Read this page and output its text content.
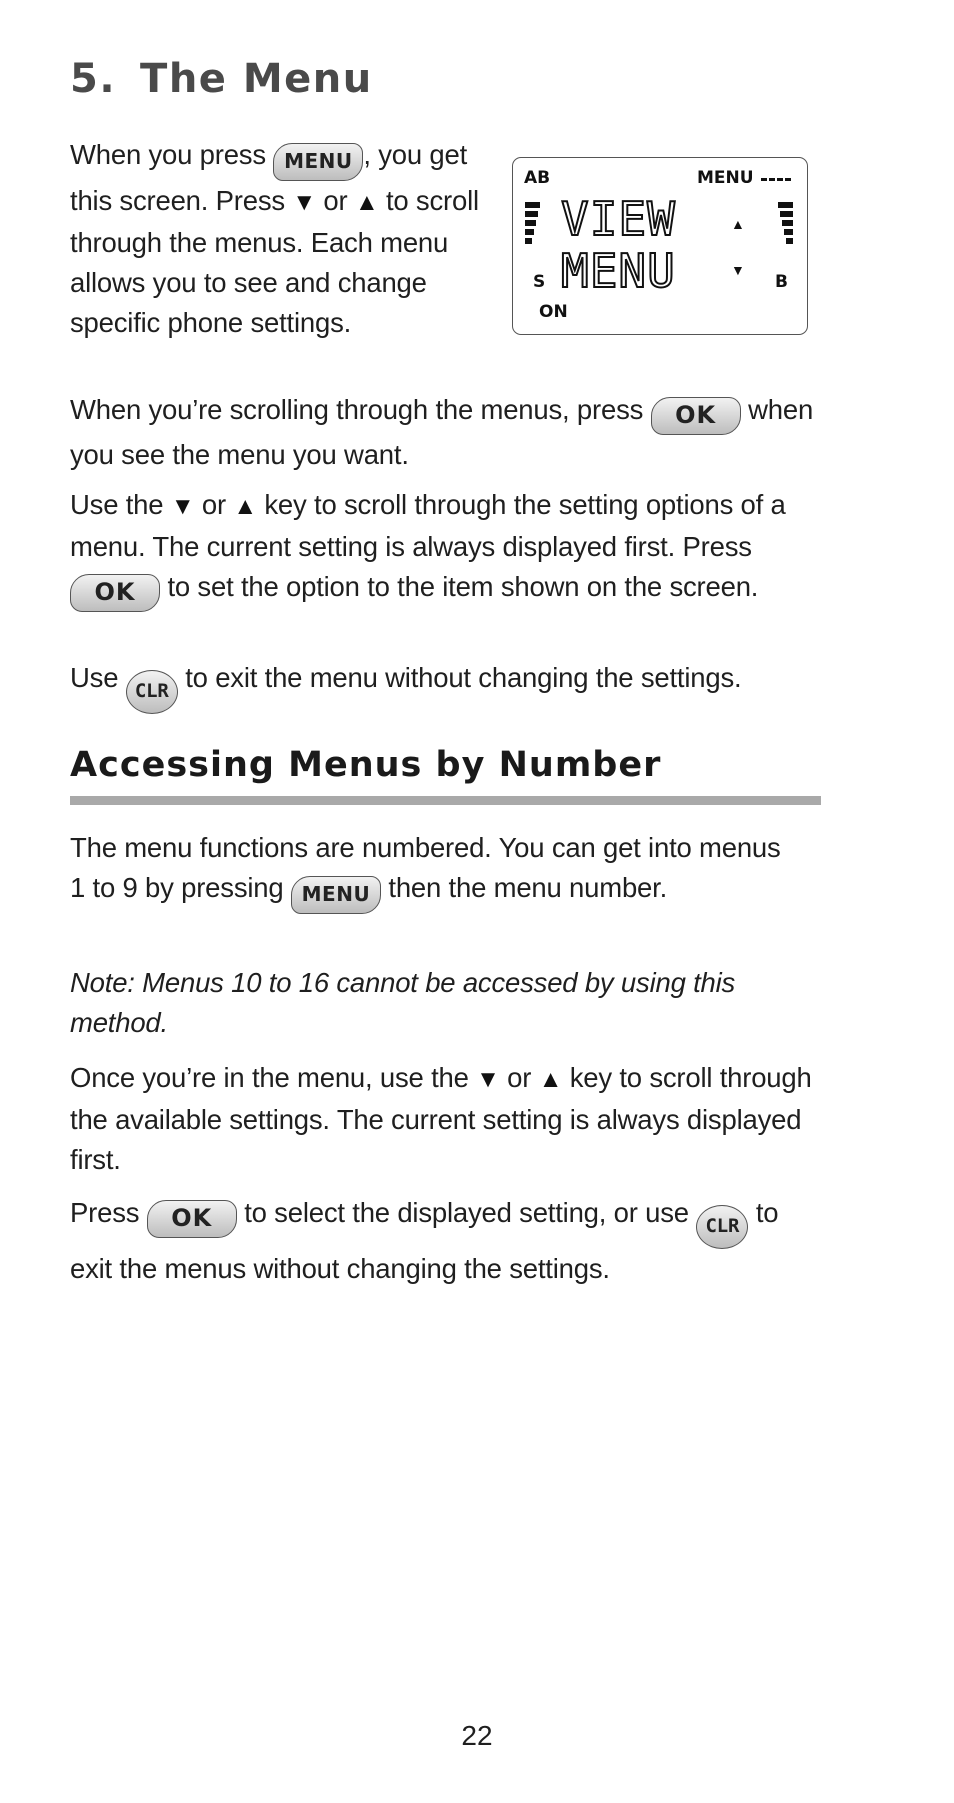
5. The Menu

When you press MENU , you get this screen. Press ▼ or ▲ to scroll through the menus. Each menu allows you to see and change specific phone settings.

AB	MENU
VIEW
MENU
▲
▼
S	B
ON

When you’re scrolling through the menus, press OK when you see the menu you want.

Use the ▼ or ▲ key to scroll through the setting options of a menu. The current setting is always displayed first. Press OK to set the option to the item shown on the screen.

Use CLR to exit the menu without changing the settings.

Accessing Menus by Number

The menu functions are numbered. You can get into menus 1 to 9 by pressing MENU then the menu number.

Note: Menus 10 to 16 cannot be accessed by using this method.

Once you’re in the menu, use the ▼ or ▲ key to scroll through the available settings. The current setting is always displayed first.

Press OK to select the displayed setting, or use CLR to exit the menus without changing the settings.

22
